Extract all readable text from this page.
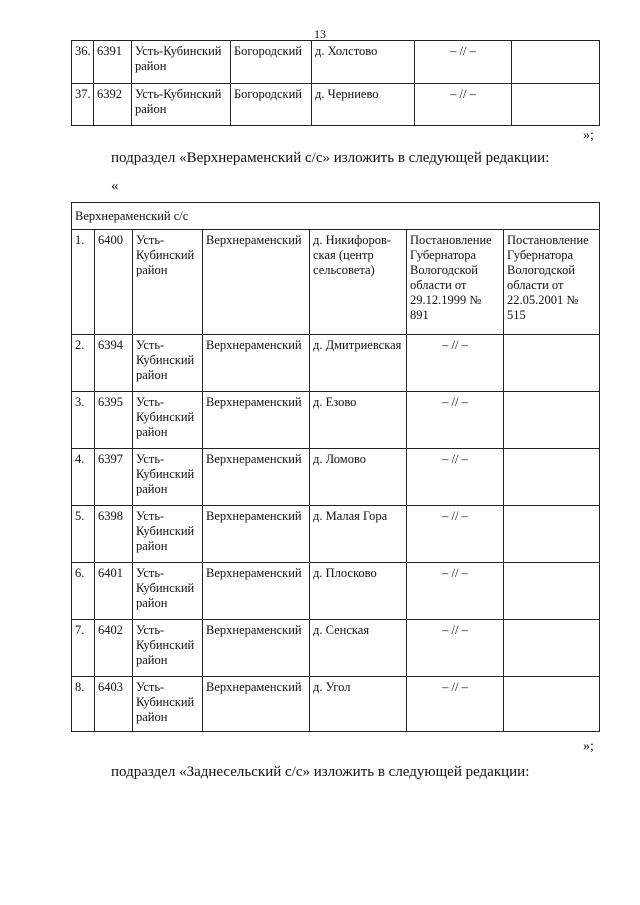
13
36.	6391	Усть-Кубинский район	Богородский	д. Холстово	– // –	
37.	6392	Усть-Кубинский район	Богородский	д. Черниево	– // –	
»;
подраздел «Верхнераменский с/с» изложить в следующей редакции:
«
Верхнераменский с/с						
1.	6400	Усть-Кубинский район	Верхнераменский	д. Никифоров-ская (центр сельсовета)	Постановление Губернатора Вологодской области от 29.12.1999 № 891	Постановление Губернатора Вологодской области от 22.05.2001 № 515
2.	6394	Усть-Кубинский район	Верхнераменский	д. Дмитриевская	– // –	
3.	6395	Усть-Кубинский район	Верхнераменский	д. Езово	– // –	
4.	6397	Усть-Кубинский район	Верхнераменский	д. Ломово	– // –	
5.	6398	Усть-Кубинский район	Верхнераменский	д. Малая Гора	– // –	
6.	6401	Усть-Кубинский район	Верхнераменский	д. Плосково	– // –	
7.	6402	Усть-Кубинский район	Верхнераменский	д. Сенская	– // –	
8.	6403	Усть-Кубинский район	Верхнераменский	д. Угол	– // –	
»;
подраздел «Заднесельский с/с» изложить в следующей редакции:
